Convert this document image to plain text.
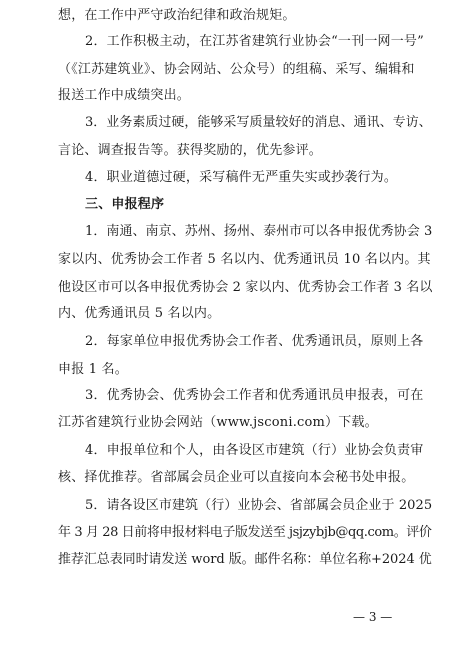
想，在工作中严守政治纪律和政治规矩。
2．工作积极主动，在江苏省建筑行业协会“一刊一网一号”
（《江苏建筑业》、协会网站、公众号）的组稿、采写、编辑和
报送工作中成绩突出。
3．业务素质过硬，能够采写质量较好的消息、通讯、专访、
言论、调查报告等。获得奖励的，优先参评。
4．职业道德过硬，采写稿件无严重失实或抄袭行为。
三、申报程序
1．南通、南京、苏州、扬州、泰州市可以各申报优秀协会 3
家以内、优秀协会工作者 5 名以内、优秀通讯员 10 名以内。其
他设区市可以各申报优秀协会 2 家以内、优秀协会工作者 3 名以
内、优秀通讯员 5 名以内。
2．每家单位申报优秀协会工作者、优秀通讯员，原则上各
申报 1 名。
3．优秀协会、优秀协会工作者和优秀通讯员申报表，可在
江苏省建筑行业协会网站（www.jsconi.com）下载。
4．申报单位和个人，由各设区市建筑（行）业协会负责审
核、择优推荐。省部属会员企业可以直接向本会秘书处申报。
5．请各设区市建筑（行）业协会、省部属会员企业于 2025
年 3 月 28 日前将申报材料电子版发送至 jsjzybjb@qq.com。评价
推荐汇总表同时请发送 word 版。邮件名称：单位名称+2024 优
— 3 —
